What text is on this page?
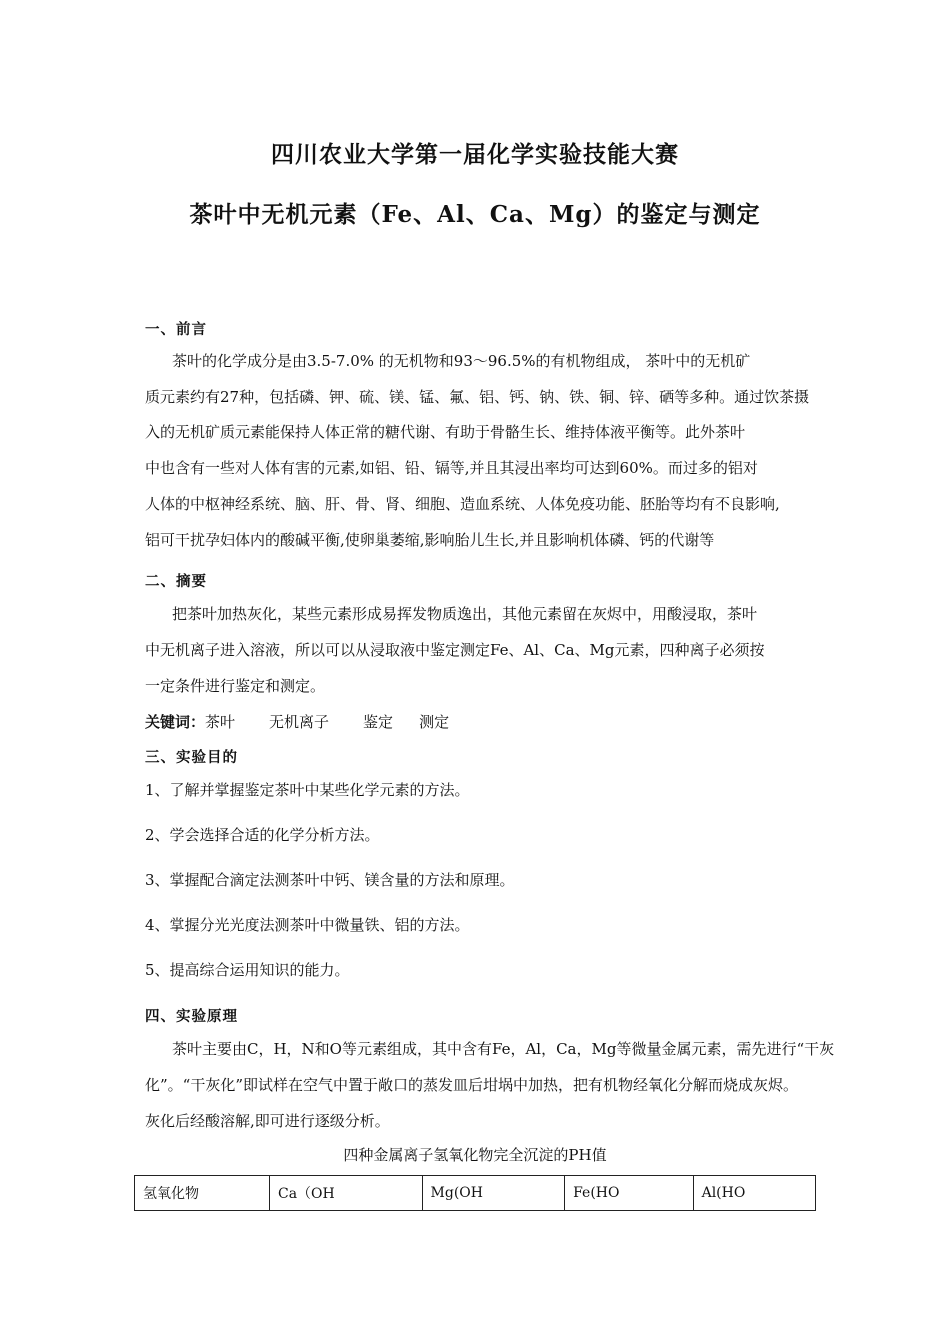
四川农业大学第一届化学实验技能大赛
茶叶中无机元素（Fe、Al、Ca、Mg）的鉴定与测定
一、前言
茶叶的化学成分是由3.5-7.0% 的无机物和93～96.5%的有机物组成， 茶叶中的无机矿
质元素约有27种，包括磷、钾、硫、镁、锰、氟、铝、钙、钠、铁、铜、锌、硒等多种。通过饮茶摄
入的无机矿质元素能保持人体正常的糖代谢、有助于骨骼生长、维持体液平衡等。此外茶叶
中也含有一些对人体有害的元素,如铝、铅、镉等,并且其浸出率均可达到60%。而过多的铝对
人体的中枢神经系统、脑、肝、骨、肾、细胞、造血系统、人体免疫功能、胚胎等均有不良影响,
铝可干扰孕妇体内的酸碱平衡,使卵巢萎缩,影响胎儿生长,并且影响机体磷、钙的代谢等
二、摘要
把茶叶加热灰化，某些元素形成易挥发物质逸出，其他元素留在灰烬中，用酸浸取，茶叶
中无机离子进入溶液，所以可以从浸取液中鉴定测定Fe、Al、Ca、Mg元素，四种离子必须按
一定条件进行鉴定和测定。
关键词：茶叶 无机离子 鉴定 测定
三、实验目的
1、了解并掌握鉴定茶叶中某些化学元素的方法。
2、学会选择合适的化学分析方法。
3、掌握配合滴定法测茶叶中钙、镁含量的方法和原理。
4、掌握分光光度法测茶叶中微量铁、铝的方法。
5、提高综合运用知识的能力。
四、实验原理
茶叶主要由C，H，N和O等元素组成，其中含有Fe，Al，Ca，Mg等微量金属元素，需先进行“干灰
化”。“干灰化”即试样在空气中置于敞口的蒸发皿后坩埚中加热，把有机物经氧化分解而烧成灰烬。
灰化后经酸溶解,即可进行逐级分析。
四种金属离子氢氧化物完全沉淀的PH值
氢氧化物	Ca（OH	Mg(OH	Fe(HO	Al(HO
